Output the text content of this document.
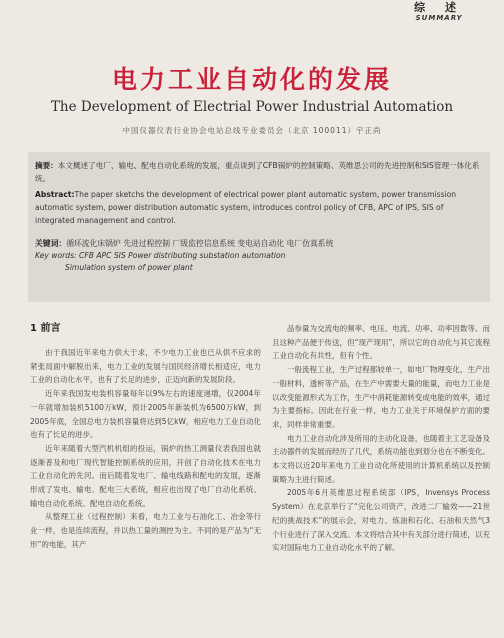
综 述
SUMMARY
电力工业自动化的发展
The Development of Electrial Power Industrial Automation
中国仪器仪表行业协会电站总线专业委员会（北京 100011）宇正尚
摘要：本文概述了电厂、输电、配电自动化系统的发展，重点谈到了CFB锅炉的控制策略、英维思公司的先进控制和SIS管理一体化系统。
Abstract:The paper sketchs the development of electrical power plant automatic system, power transmission automatic system, power distribution automatic system, introduces control policy of CFB, APC of IPS, SIS of integrated management and control.
关键词：循环流化床锅炉 先进过程控制 厂级监控信息系统 变电站自动化 电厂仿真系统
Key words: CFB APC SIS Power distributing substation automation
Simulation system of power plant
1 前言

由于我国近年来电力供大于求，不少电力工业也已从供不应求的紧张局面中解脱出来，电力工业的发展与国民经济增长相适应，电力工业的自动化水平，也有了长足的进步，正迈向新的发展阶段。

近年来我国发电装机容量每年以9%左右的速度递增，仅2004年一年就增加装机5100万kW，预计2005年新装机为6500万kW，到2005年底，全国总电力装机容量将达到5亿kW，相应电力工业自动化也有了长足的进步。

近年来随着大型汽机机组的投运，锅炉的热工测量仪表我国也就逐渐普及和电厂现代智能控制系统的应用，开创了自动化技术在电力工业自动化的先河。而后随着发电厂、输电线路和配电的发展，逐渐形成了发电、输电、配电三大系统，相应也出现了电厂自动化系统、输电自动化系统、配电自动化系统。

从整理工业（过程控制）来看，电力工业与石油化工、冶金等行业一样，也是连续流程，并以热工量的测控为主。不同的是产品为“无形”的电能，其产

品参量为交流电的频率、电压、电流、功率、功率因数等。而且这种产品便于传送，但“现产现用”，所以它的自动化与其它流程工业自动化有共性，但有个性。

一般流程工业，生产过程都较单一，如电厂物理变化，生产出一般材料，透析等产品，在生产中需要大量的能量，而电力工业是以改变能源形式为工作，生产中消耗能源转变成电能的效率，通过为主要指标。因此在行业一样，电力工业关于环境保护方面的要求，同样非常重要。

电力工业自动化涉及所用的主动化设备，也随着主工艺设备及主动器件的发展而经历了几代，系统功能也到划分也在不断变化。本文将以近20年来电力工业自动化所使用的计算机系统以及控制策略为主进行简述。

2005年6月英维思过程系统部（IPS，Invensys Process System）在北京举行了“完化公司资产，改进二厂输效——21世纪的挑战技术”的展示会，对电力、炼油和石化、石油和天然气3个行业进行了深入交流。本文将结合其中有关部分进行简述，以充实对国际电力工业自动化水平的了解。
